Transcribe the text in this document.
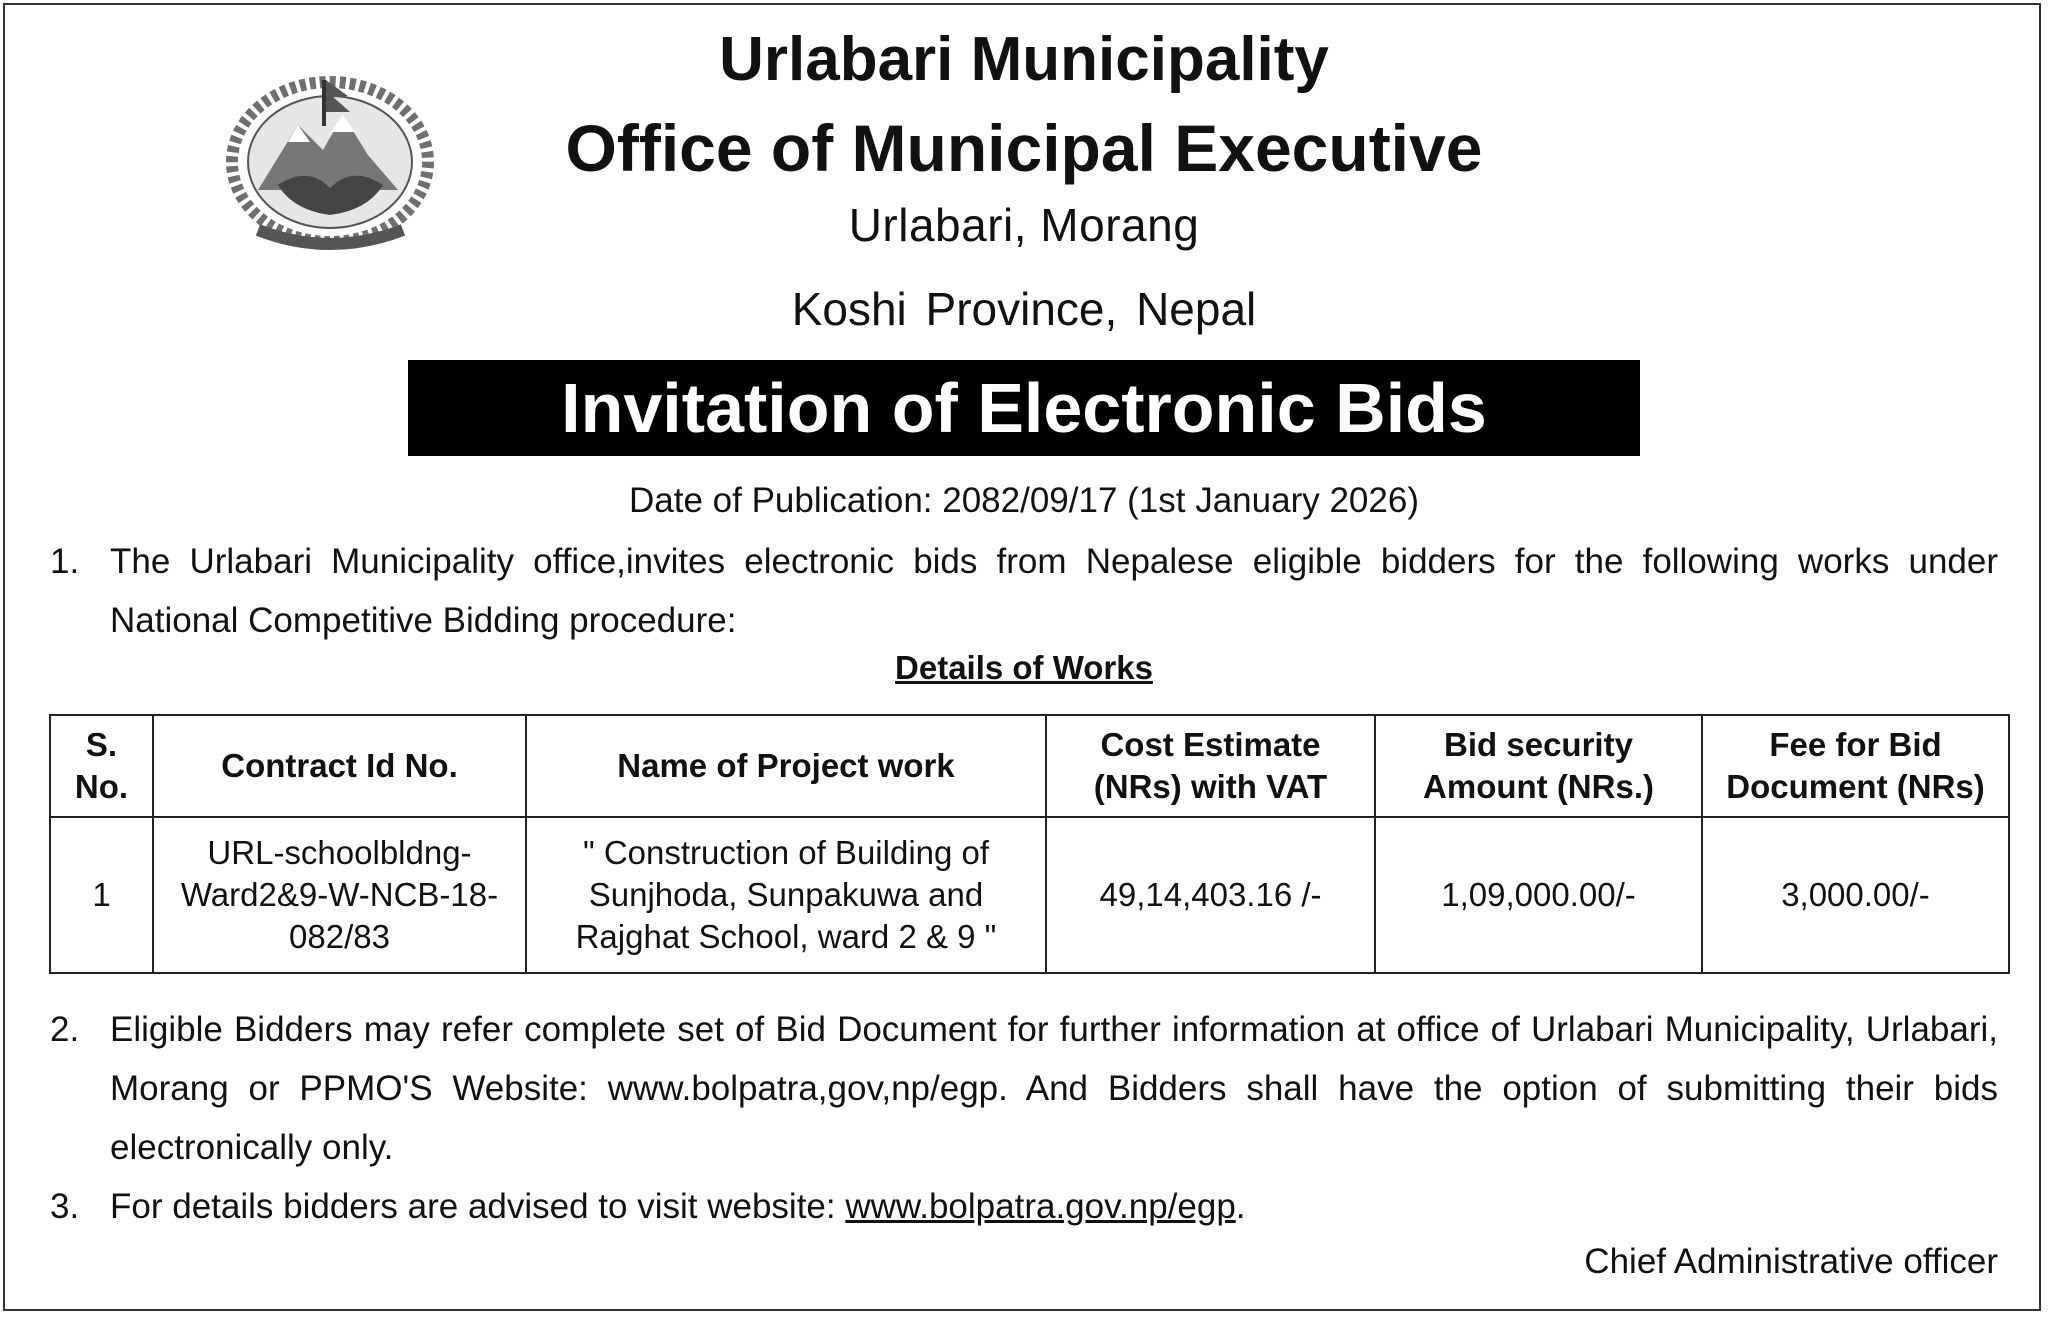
Urlabari Municipality
Office of Municipal Executive
Urlabari, Morang
Koshi Province, Nepal
Invitation of Electronic Bids
Date of Publication: 2082/09/17 (1st January 2026)
1. The Urlabari Municipality office,invites electronic bids from Nepalese eligible bidders for the following works under National Competitive Bidding procedure:
Details of Works
S. No.	Contract Id No.	Name of Project work	Cost Estimate (NRs) with VAT	Bid security Amount (NRs.)	Fee for Bid Document (NRs)
1	URL-schoolbldng-Ward2&9-W-NCB-18-082/83	" Construction of Building of Sunjhoda, Sunpakuwa and Rajghat School, ward 2 & 9 "	49,14,403.16 /-	1,09,000.00/-	3,000.00/-
2. Eligible Bidders may refer complete set of Bid Document for further information at office of Urlabari Municipality, Urlabari, Morang or PPMO'S Website: www.bolpatra,gov,np/egp. And Bidders shall have the option of submitting their bids electronically only.
3. For details bidders are advised to visit website: www.bolpatra.gov.np/egp.
Chief Administrative officer
